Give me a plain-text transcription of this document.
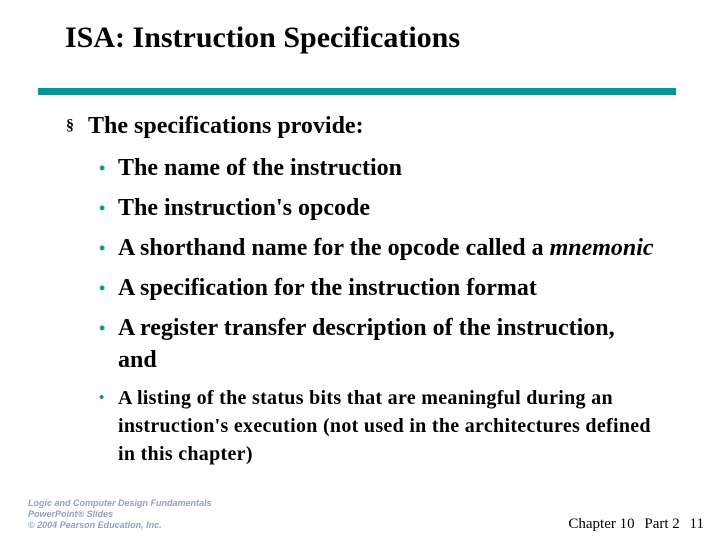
ISA: Instruction Specifications
§ The specifications provide:
• The name of the instruction
• The instruction's opcode
• A shorthand name for the opcode called a mnemonic
• A specification for the instruction format
• A register transfer description of the instruction, and
• A listing of the status bits that are meaningful during an instruction's execution (not used in the architectures defined in this chapter)
Logic and Computer Design Fundamentals
PowerPoint® Slides
© 2004 Pearson Education, Inc.	Chapter 10 Part 2 11
